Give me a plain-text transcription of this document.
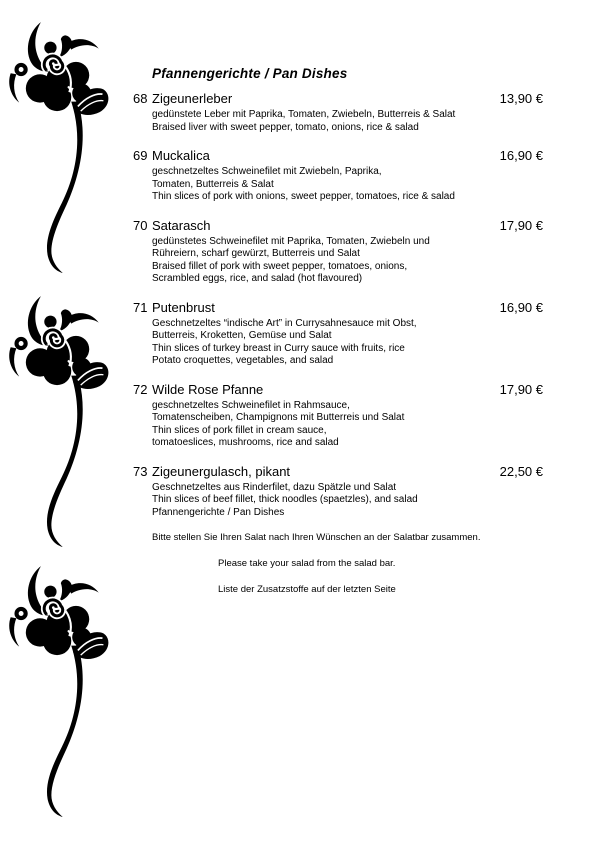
Pfannengerichte / Pan Dishes
68 Zigeunerleber	13,90 €
gedünstete Leber mit Paprika, Tomaten, Zwiebeln, Butterreis & Salat
Braised liver with sweet pepper, tomato, onions, rice & salad
69 Muckalica	16,90 €
geschnetzeltes Schweinefilet mit Zwiebeln, Paprika,
Tomaten, Butterreis & Salat
Thin slices of pork with onions, sweet pepper, tomatoes, rice & salad
70 Satarasch	17,90 €
gedünstetes Schweinefilet mit Paprika, Tomaten, Zwiebeln und
Rühreiern, scharf gewürzt, Butterreis und Salat
Braised fillet of pork with sweet pepper, tomatoes, onions,
Scrambled eggs, rice, and salad (hot flavoured)
71 Putenbrust	16,90 €
Geschnetzeltes “indische Art” in Currysahnesauce mit Obst,
Butterreis, Kroketten, Gemüse und Salat
Thin slices of turkey breast in Curry sauce with fruits, rice
Potato croquettes, vegetables, and salad
72 Wilde Rose Pfanne	17,90 €
geschnetzeltes Schweinefilet in Rahmsauce,
Tomatenscheiben, Champignons mit Butterreis und Salat
Thin slices of pork fillet in cream sauce,
tomatoeslices, mushrooms, rice and salad
73 Zigeunergulasch, pikant	22,50 €
Geschnetzeltes aus Rinderfilet, dazu Spätzle und Salat
Thin slices of beef fillet, thick noodles (spaetzles), and salad
Pfannengerichte / Pan Dishes
Bitte stellen Sie Ihren Salat nach Ihren Wünschen an der Salatbar zusammen.
Please take your salad from the salad bar.
Liste der Zusatzstoffe auf der letzten Seite
